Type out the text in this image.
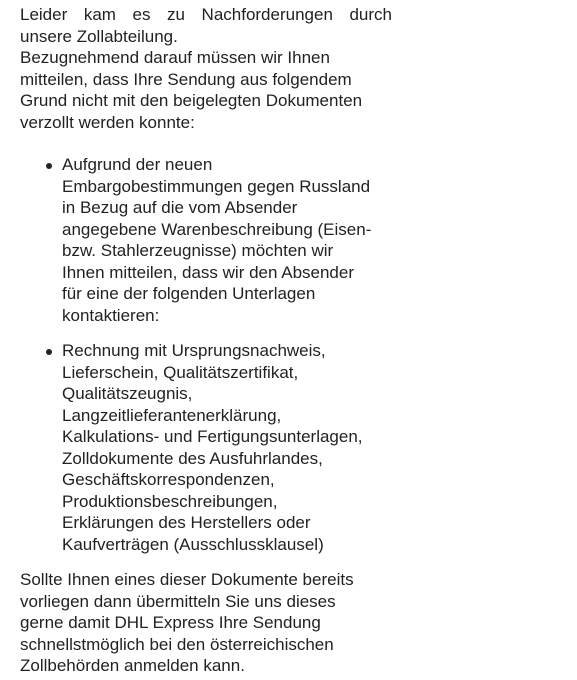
Leider kam es zu Nachforderungen durch
unsere Zollabteilung.
Bezugnehmend darauf müssen wir Ihnen
mitteilen, dass Ihre Sendung aus folgendem
Grund nicht mit den beigelegten Dokumenten
verzollt werden konnte:
Aufgrund der neuen
Embargobestimmungen gegen Russland
in Bezug auf die vom Absender
angegebene Warenbeschreibung (Eisen-
bzw. Stahlerzeugnisse) möchten wir
Ihnen mitteilen, dass wir den Absender
für eine der folgenden Unterlagen
kontaktieren:
Rechnung mit Ursprungsnachweis,
Lieferschein, Qualitätszertifikat,
Qualitätszeugnis,
Langzeitlieferantenerklärung,
Kalkulations- und Fertigungsunterlagen,
Zolldokumente des Ausfuhrlandes,
Geschäftskorrespondenzen,
Produktionsbeschreibungen,
Erklärungen des Herstellers oder
Kaufverträgen (Ausschlussklausel)
Sollte Ihnen eines dieser Dokumente bereits
vorliegen dann übermitteln Sie uns dieses
gerne damit DHL Express Ihre Sendung
schnellstmöglich bei den österreichischen
Zollbehörden anmelden kann.
